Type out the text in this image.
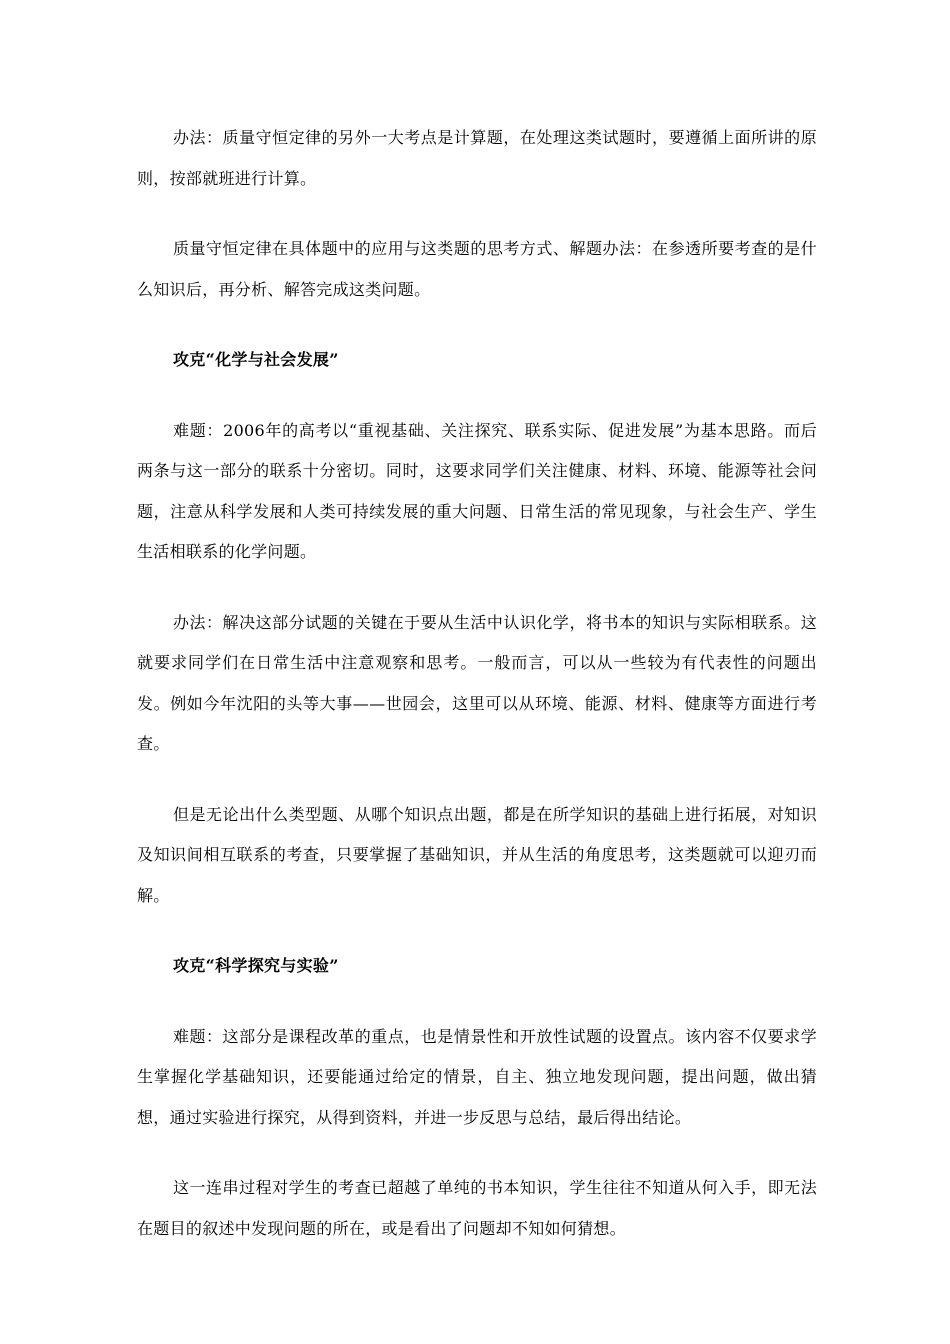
办法：质量守恒定律的另外一大考点是计算题，在处理这类试题时，要遵循上面所讲的原则，按部就班进行计算。

质量守恒定律在具体题中的应用与这类题的思考方式、解题办法：在参透所要考查的是什么知识后，再分析、解答完成这类问题。

攻克“化学与社会发展”

难题：2006年的高考以“重视基础、关注探究、联系实际、促进发展”为基本思路。而后两条与这一部分的联系十分密切。同时，这要求同学们关注健康、材料、环境、能源等社会问题，注意从科学发展和人类可持续发展的重大问题、日常生活的常见现象，与社会生产、学生生活相联系的化学问题。

办法：解决这部分试题的关键在于要从生活中认识化学，将书本的知识与实际相联系。这就要求同学们在日常生活中注意观察和思考。一般而言，可以从一些较为有代表性的问题出发。例如今年沈阳的头等大事——世园会，这里可以从环境、能源、材料、健康等方面进行考查。

但是无论出什么类型题、从哪个知识点出题，都是在所学知识的基础上进行拓展，对知识及知识间相互联系的考查，只要掌握了基础知识，并从生活的角度思考，这类题就可以迎刃而解。

攻克“科学探究与实验”

难题：这部分是课程改革的重点，也是情景性和开放性试题的设置点。该内容不仅要求学生掌握化学基础知识，还要能通过给定的情景，自主、独立地发现问题，提出问题，做出猜想，通过实验进行探究，从得到资料，并进一步反思与总结，最后得出结论。

这一连串过程对学生的考查已超越了单纯的书本知识，学生往往不知道从何入手，即无法在题目的叙述中发现问题的所在，或是看出了问题却不知如何猜想。
